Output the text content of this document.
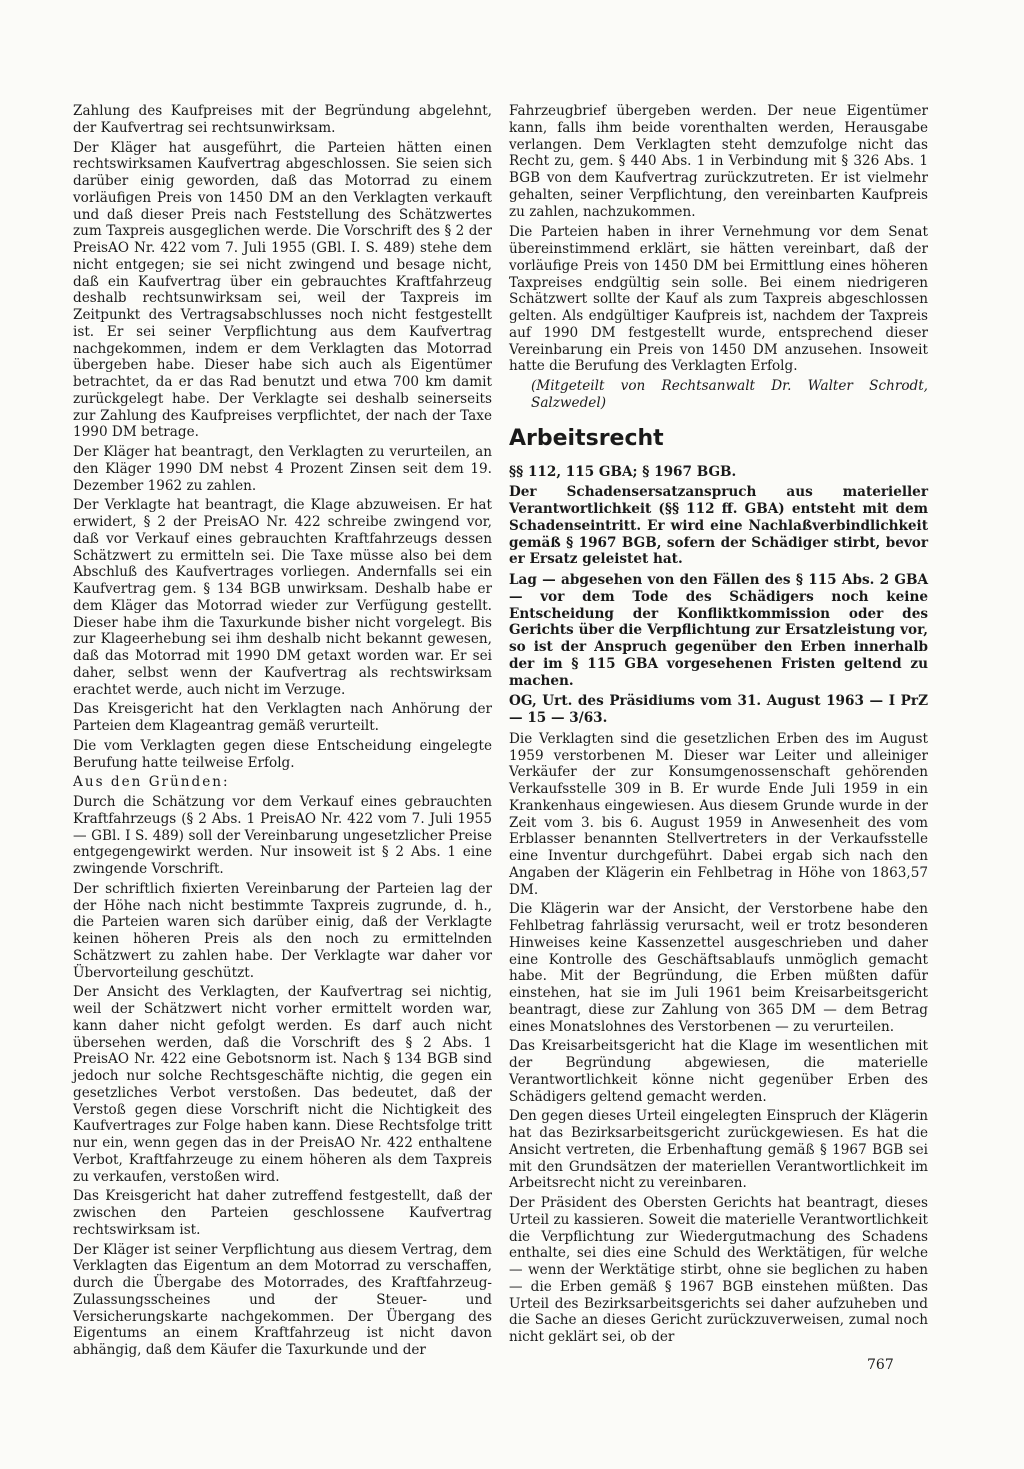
Zahlung des Kaufpreises mit der Begründung abgelehnt, der Kaufvertrag sei rechtsunwirksam.

Der Kläger hat ausgeführt, die Parteien hätten einen rechtswirksamen Kaufvertrag abgeschlossen. Sie seien sich darüber einig geworden, daß das Motorrad zu einem vorläufigen Preis von 1450 DM an den Verklagten verkauft und daß dieser Preis nach Feststellung des Schätzwertes zum Taxpreis ausgeglichen werde. Die Vorschrift des § 2 der PreisAO Nr. 422 vom 7. Juli 1955 (GBl. I. S. 489) stehe dem nicht entgegen; sie sei nicht zwingend und besage nicht, daß ein Kaufvertrag über ein gebrauchtes Kraftfahrzeug deshalb rechtsunwirksam sei, weil der Taxpreis im Zeitpunkt des Vertragsabschlusses noch nicht festgestellt ist. Er sei seiner Verpflichtung aus dem Kaufvertrag nachgekommen, indem er dem Verklagten das Motorrad übergeben habe. Dieser habe sich auch als Eigentümer betrachtet, da er das Rad benutzt und etwa 700 km damit zurückgelegt habe. Der Verklagte sei deshalb seinerseits zur Zahlung des Kaufpreises verpflichtet, der nach der Taxe 1990 DM betrage.

Der Kläger hat beantragt, den Verklagten zu verurteilen, an den Kläger 1990 DM nebst 4 Prozent Zinsen seit dem 19. Dezember 1962 zu zahlen.

Der Verklagte hat beantragt, die Klage abzuweisen. Er hat erwidert, § 2 der PreisAO Nr. 422 schreibe zwingend vor, daß vor Verkauf eines gebrauchten Kraftfahrzeugs dessen Schätzwert zu ermitteln sei. Die Taxe müsse also bei dem Abschluß des Kaufvertrages vorliegen. Andernfalls sei ein Kaufvertrag gem. § 134 BGB unwirksam. Deshalb habe er dem Kläger das Motorrad wieder zur Verfügung gestellt. Dieser habe ihm die Taxurkunde bisher nicht vorgelegt. Bis zur Klageerhebung sei ihm deshalb nicht bekannt gewesen, daß das Motorrad mit 1990 DM getaxt worden war. Er sei daher, selbst wenn der Kaufvertrag als rechtswirksam erachtet werde, auch nicht im Verzuge.

Das Kreisgericht hat den Verklagten nach Anhörung der Parteien dem Klageantrag gemäß verurteilt.

Die vom Verklagten gegen diese Entscheidung eingelegte Berufung hatte teilweise Erfolg.

Aus den Gründen:

Durch die Schätzung vor dem Verkauf eines gebrauchten Kraftfahrzeugs (§ 2 Abs. 1 PreisAO Nr. 422 vom 7. Juli 1955 — GBl. I S. 489) soll der Vereinbarung ungesetzlicher Preise entgegengewirkt werden. Nur insoweit ist § 2 Abs. 1 eine zwingende Vorschrift.

Der schriftlich fixierten Vereinbarung der Parteien lag der der Höhe nach nicht bestimmte Taxpreis zugrunde, d. h., die Parteien waren sich darüber einig, daß der Verklagte keinen höheren Preis als den noch zu ermittelnden Schätzwert zu zahlen habe. Der Verklagte war daher vor Übervorteilung geschützt.

Der Ansicht des Verklagten, der Kaufvertrag sei nichtig, weil der Schätzwert nicht vorher ermittelt worden war, kann daher nicht gefolgt werden. Es darf auch nicht übersehen werden, daß die Vorschrift des § 2 Abs. 1 PreisAO Nr. 422 eine Gebotsnorm ist. Nach § 134 BGB sind jedoch nur solche Rechtsgeschäfte nichtig, die gegen ein gesetzliches Verbot verstoßen. Das bedeutet, daß der Verstoß gegen diese Vorschrift nicht die Nichtigkeit des Kaufvertrages zur Folge haben kann. Diese Rechtsfolge tritt nur ein, wenn gegen das in der PreisAO Nr. 422 enthaltene Verbot, Kraftfahrzeuge zu einem höheren als dem Taxpreis zu verkaufen, verstoßen wird.

Das Kreisgericht hat daher zutreffend festgestellt, daß der zwischen den Parteien geschlossene Kaufvertrag rechtswirksam ist.

Der Kläger ist seiner Verpflichtung aus diesem Vertrag, dem Verklagten das Eigentum an dem Motorrad zu verschaffen, durch die Übergabe des Motorrades, des Kraftfahrzeug-Zulassungsscheines und der Steuer- und Versicherungskarte nachgekommen. Der Übergang des Eigentums an einem Kraftfahrzeug ist nicht davon abhängig, daß dem Käufer die Taxurkunde und der

Fahrzeugbrief übergeben werden. Der neue Eigentümer kann, falls ihm beide vorenthalten werden, Herausgabe verlangen. Dem Verklagten steht demzufolge nicht das Recht zu, gem. § 440 Abs. 1 in Verbindung mit § 326 Abs. 1 BGB von dem Kaufvertrag zurückzutreten. Er ist vielmehr gehalten, seiner Verpflichtung, den vereinbarten Kaufpreis zu zahlen, nachzukommen.

Die Parteien haben in ihrer Vernehmung vor dem Senat übereinstimmend erklärt, sie hätten vereinbart, daß der vorläufige Preis von 1450 DM bei Ermittlung eines höheren Taxpreises endgültig sein solle. Bei einem niedrigeren Schätzwert sollte der Kauf als zum Taxpreis abgeschlossen gelten. Als endgültiger Kaufpreis ist, nachdem der Taxpreis auf 1990 DM festgestellt wurde, entsprechend dieser Vereinbarung ein Preis von 1450 DM anzusehen. Insoweit hatte die Berufung des Verklagten Erfolg.

(Mitgeteilt von Rechtsanwalt Dr. Walter Schrodt, Salzwedel)

Arbeitsrecht

§§ 112, 115 GBA; § 1967 BGB.

Der Schadensersatzanspruch aus materieller Verantwortlichkeit (§§ 112 ff. GBA) entsteht mit dem Schadenseintritt. Er wird eine Nachlaßverbindlichkeit gemäß § 1967 BGB, sofern der Schädiger stirbt, bevor er Ersatz geleistet hat.

Lag — abgesehen von den Fällen des § 115 Abs. 2 GBA — vor dem Tode des Schädigers noch keine Entscheidung der Konfliktkommission oder des Gerichts über die Verpflichtung zur Ersatzleistung vor, so ist der Anspruch gegenüber den Erben innerhalb der im § 115 GBA vorgesehenen Fristen geltend zu machen.

OG, Urt. des Präsidiums vom 31. August 1963 — I PrZ — 15 — 3/63.

Die Verklagten sind die gesetzlichen Erben des im August 1959 verstorbenen M. Dieser war Leiter und alleiniger Verkäufer der zur Konsumgenossenschaft gehörenden Verkaufsstelle 309 in B. Er wurde Ende Juli 1959 in ein Krankenhaus eingewiesen. Aus diesem Grunde wurde in der Zeit vom 3. bis 6. August 1959 in Anwesenheit des vom Erblasser benannten Stellvertreters in der Verkaufsstelle eine Inventur durchgeführt. Dabei ergab sich nach den Angaben der Klägerin ein Fehlbetrag in Höhe von 1863,57 DM.

Die Klägerin war der Ansicht, der Verstorbene habe den Fehlbetrag fahrlässig verursacht, weil er trotz besonderen Hinweises keine Kassenzettel ausgeschrieben und daher eine Kontrolle des Geschäftsablaufs unmöglich gemacht habe. Mit der Begründung, die Erben müßten dafür einstehen, hat sie im Juli 1961 beim Kreisarbeitsgericht beantragt, diese zur Zahlung von 365 DM — dem Betrag eines Monatslohnes des Verstorbenen — zu verurteilen.

Das Kreisarbeitsgericht hat die Klage im wesentlichen mit der Begründung abgewiesen, die materielle Verantwortlichkeit könne nicht gegenüber Erben des Schädigers geltend gemacht werden.

Den gegen dieses Urteil eingelegten Einspruch der Klägerin hat das Bezirksarbeitsgericht zurückgewiesen. Es hat die Ansicht vertreten, die Erbenhaftung gemäß § 1967 BGB sei mit den Grundsätzen der materiellen Verantwortlichkeit im Arbeitsrecht nicht zu vereinbaren.

Der Präsident des Obersten Gerichts hat beantragt, dieses Urteil zu kassieren. Soweit die materielle Verantwortlichkeit die Verpflichtung zur Wiedergutmachung des Schadens enthalte, sei dies eine Schuld des Werktätigen, für welche — wenn der Werktätige stirbt, ohne sie beglichen zu haben — die Erben gemäß § 1967 BGB einstehen müßten. Das Urteil des Bezirksarbeitsgerichts sei daher aufzuheben und die Sache an dieses Gericht zurückzuverweisen, zumal noch nicht geklärt sei, ob der

767
